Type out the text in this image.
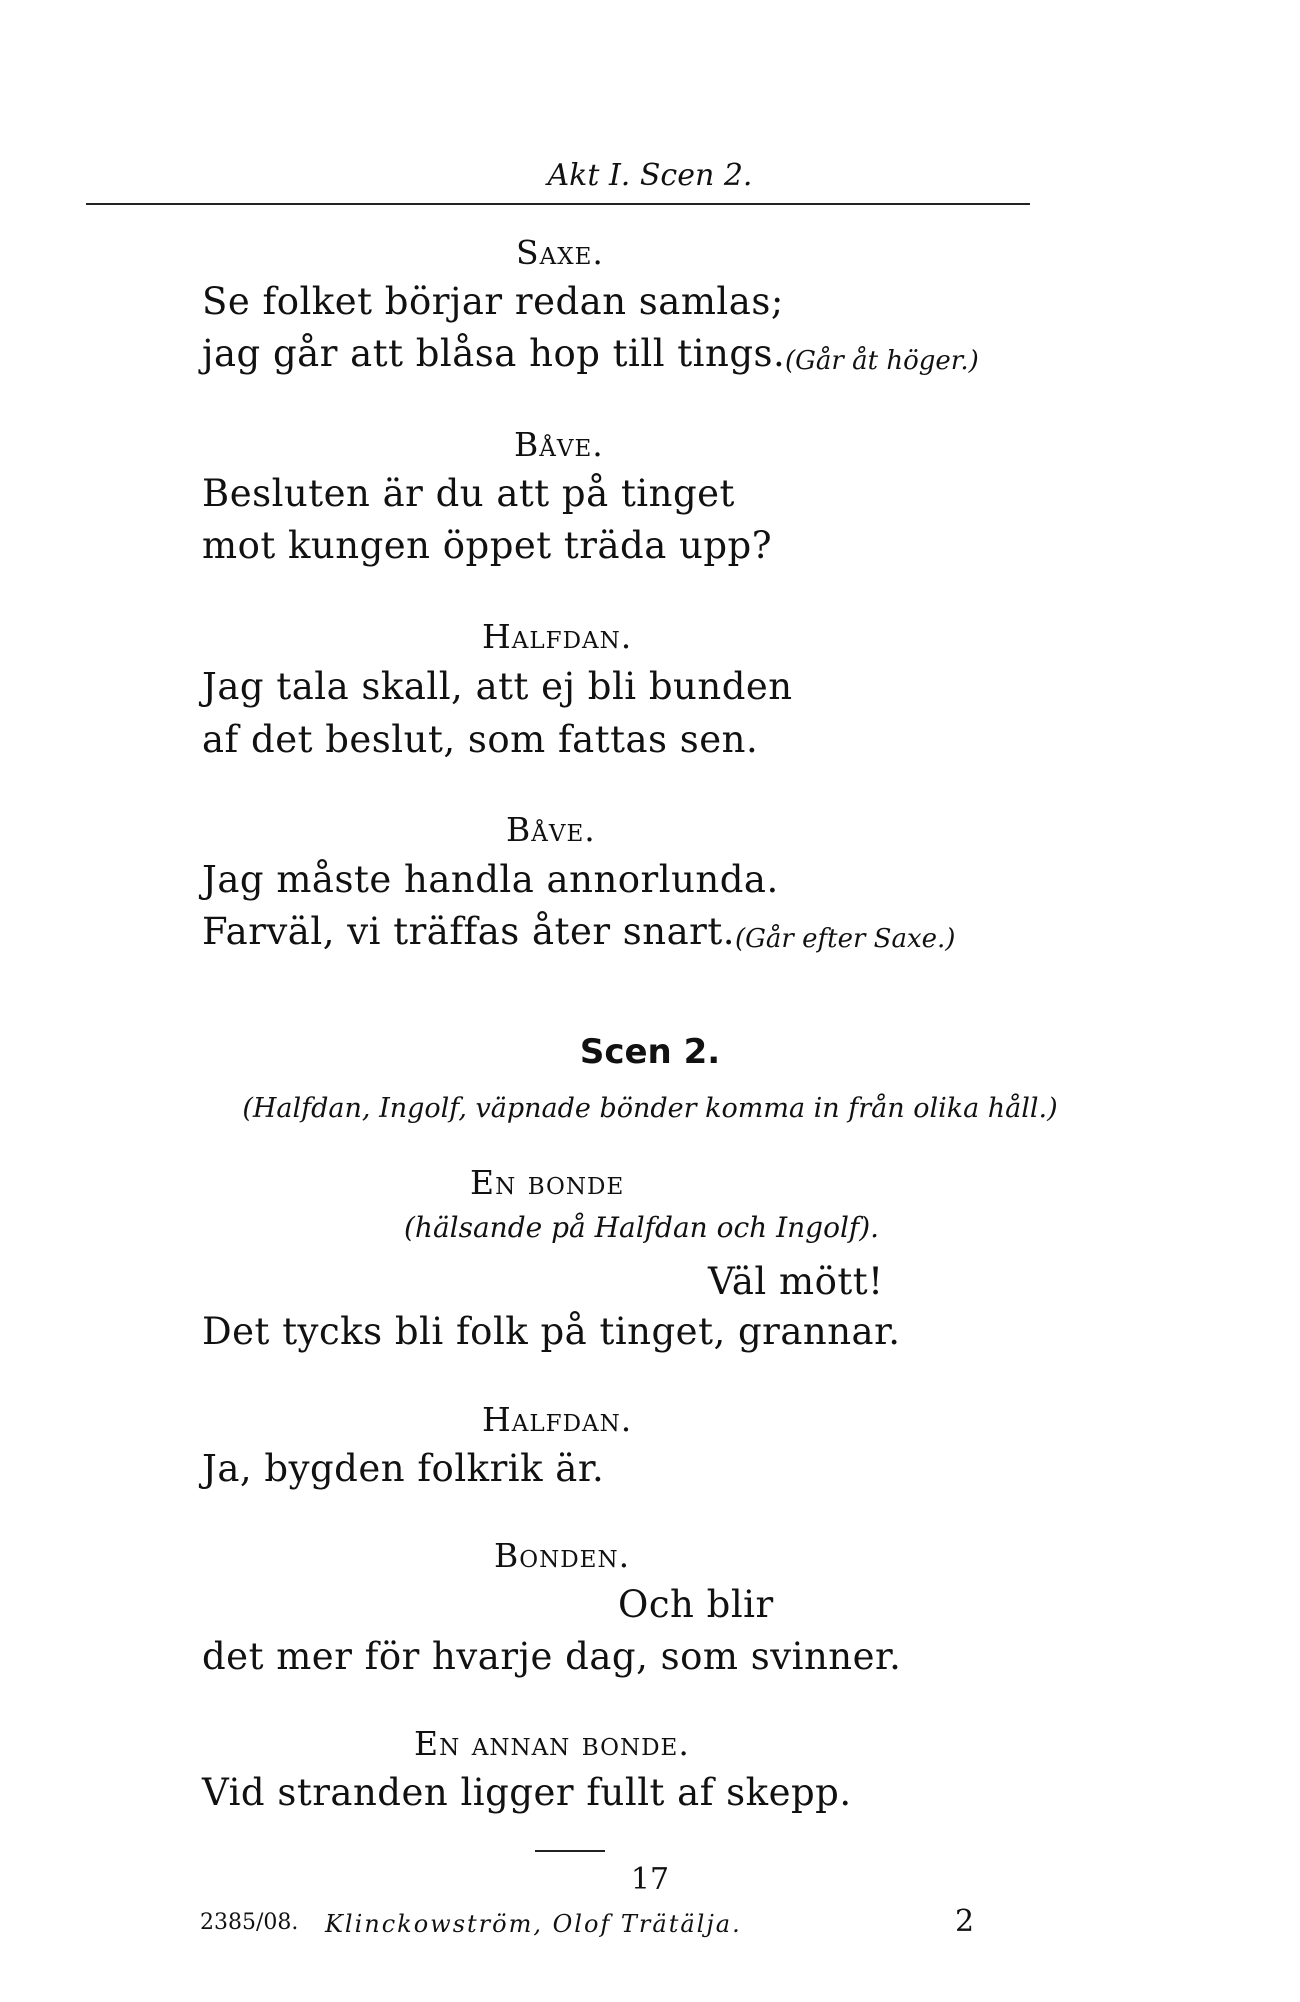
Akt I. Scen 2.
Saxe.
Se folket börjar redan samlas;
jag går att blåsa hop till tings. (Går åt höger.)
Båve.
Besluten är du att på tinget
mot kungen öppet träda upp?
Halfdan.
Jag tala skall, att ej bli bunden
af det beslut, som fattas sen.
Båve.
Jag måste handla annorlunda.
Farväl, vi träffas åter snart. (Går efter Saxe.)
Scen 2.
(Halfdan, Ingolf, väpnade bönder komma in från olika håll.)
En bonde
(hälsande på Halfdan och Ingolf).
Väl mött!
Det tycks bli folk på tinget, grannar.
Halfdan.
Ja, bygden folkrik är.
Bonden.
Och blir
det mer för hvarje dag, som svinner.
En annan bonde.
Vid stranden ligger fullt af skepp.
17
2385/08. Klinckowström, Olof Trätälja.	2
